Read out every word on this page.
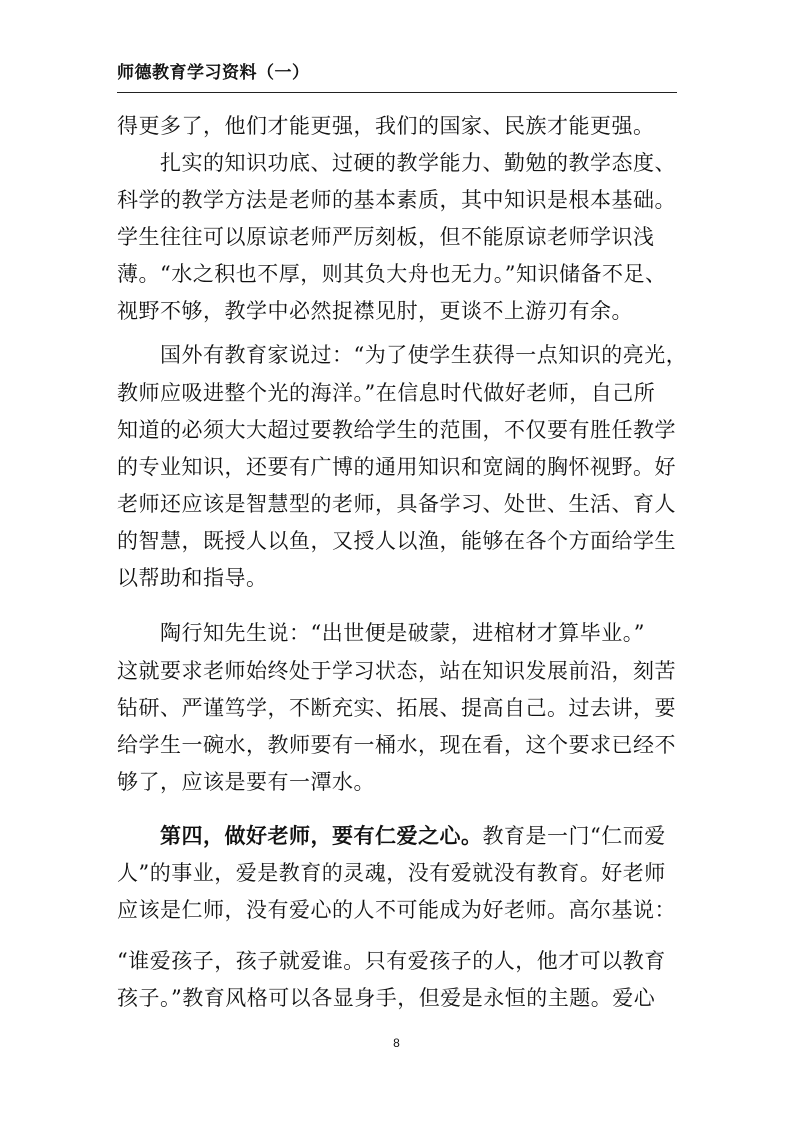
师德教育学习资料（一）
得更多了，他们才能更强，我们的国家、民族才能更强。
　　扎实的知识功底、过硬的教学能力、勤勉的教学态度、
科学的教学方法是老师的基本素质，其中知识是根本基础。
学生往往可以原谅老师严厉刻板，但不能原谅老师学识浅
薄。“水之积也不厚，则其负大舟也无力。”知识储备不足、
视野不够，教学中必然捉襟见肘，更谈不上游刃有余。
　　国外有教育家说过：“为了使学生获得一点知识的亮光，
教师应吸进整个光的海洋。”在信息时代做好老师，自己所
知道的必须大大超过要教给学生的范围，不仅要有胜任教学
的专业知识，还要有广博的通用知识和宽阔的胸怀视野。好
老师还应该是智慧型的老师，具备学习、处世、生活、育人
的智慧，既授人以鱼，又授人以渔，能够在各个方面给学生
以帮助和指导。
　　陶行知先生说：“出世便是破蒙，进棺材才算毕业。”
这就要求老师始终处于学习状态，站在知识发展前沿，刻苦
钻研、严谨笃学，不断充实、拓展、提高自己。过去讲，要
给学生一碗水，教师要有一桶水，现在看，这个要求已经不
够了，应该是要有一潭水。
　　第四，做好老师，要有仁爱之心。教育是一门“仁而爱
人”的事业，爱是教育的灵魂，没有爱就没有教育。好老师
应该是仁师，没有爱心的人不可能成为好老师。高尔基说：
“谁爱孩子，孩子就爱谁。只有爱孩子的人，他才可以教育
孩子。”教育风格可以各显身手，但爱是永恒的主题。爱心
8
